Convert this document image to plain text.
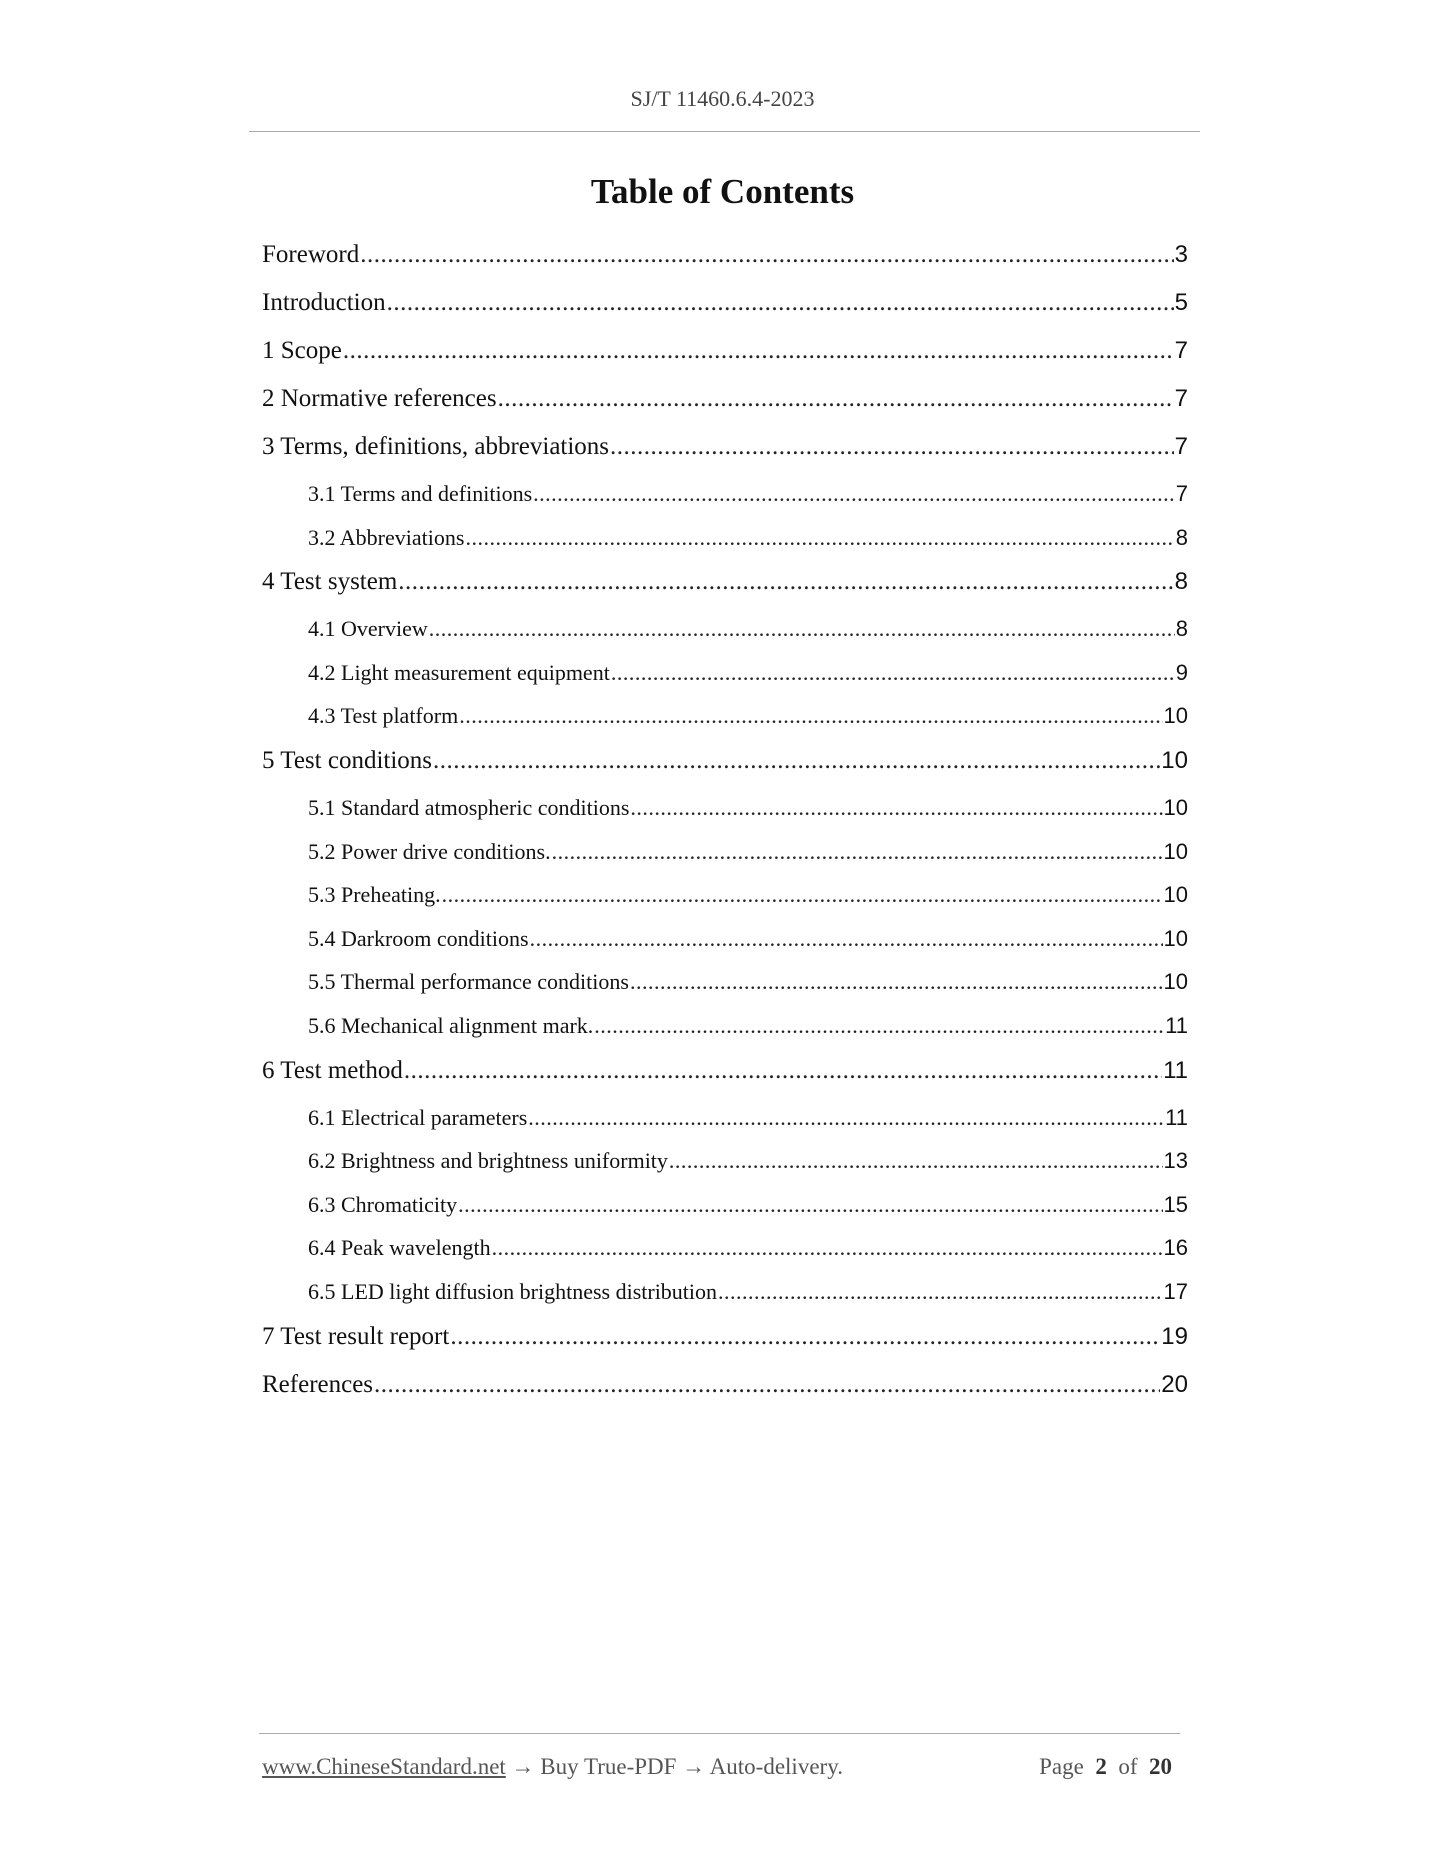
SJ/T 11460.6.4-2023
Table of Contents
Foreword .....	3
Introduction .....	5
1 Scope .....	7
2 Normative references .....	7
3 Terms, definitions, abbreviations .....	7
3.1 Terms and definitions .....	7
3.2 Abbreviations .....	8
4 Test system .....	8
4.1 Overview .....	8
4.2 Light measurement equipment .....	9
4.3 Test platform .....	10
5 Test conditions .....	10
5.1 Standard atmospheric conditions .....	10
5.2 Power drive conditions. .....	10
5.3 Preheating. .....	10
5.4 Darkroom conditions .....	10
5.5 Thermal performance conditions .....	10
5.6 Mechanical alignment mark. .....	11
6 Test method .....	11
6.1 Electrical parameters .....	11
6.2 Brightness and brightness uniformity .....	13
6.3 Chromaticity .....	15
6.4 Peak wavelength .....	16
6.5 LED light diffusion brightness distribution .....	17
7 Test result report .....	19
References .....	20
www.ChineseStandard.net → Buy True-PDF → Auto-delivery.	Page 2 of 20
